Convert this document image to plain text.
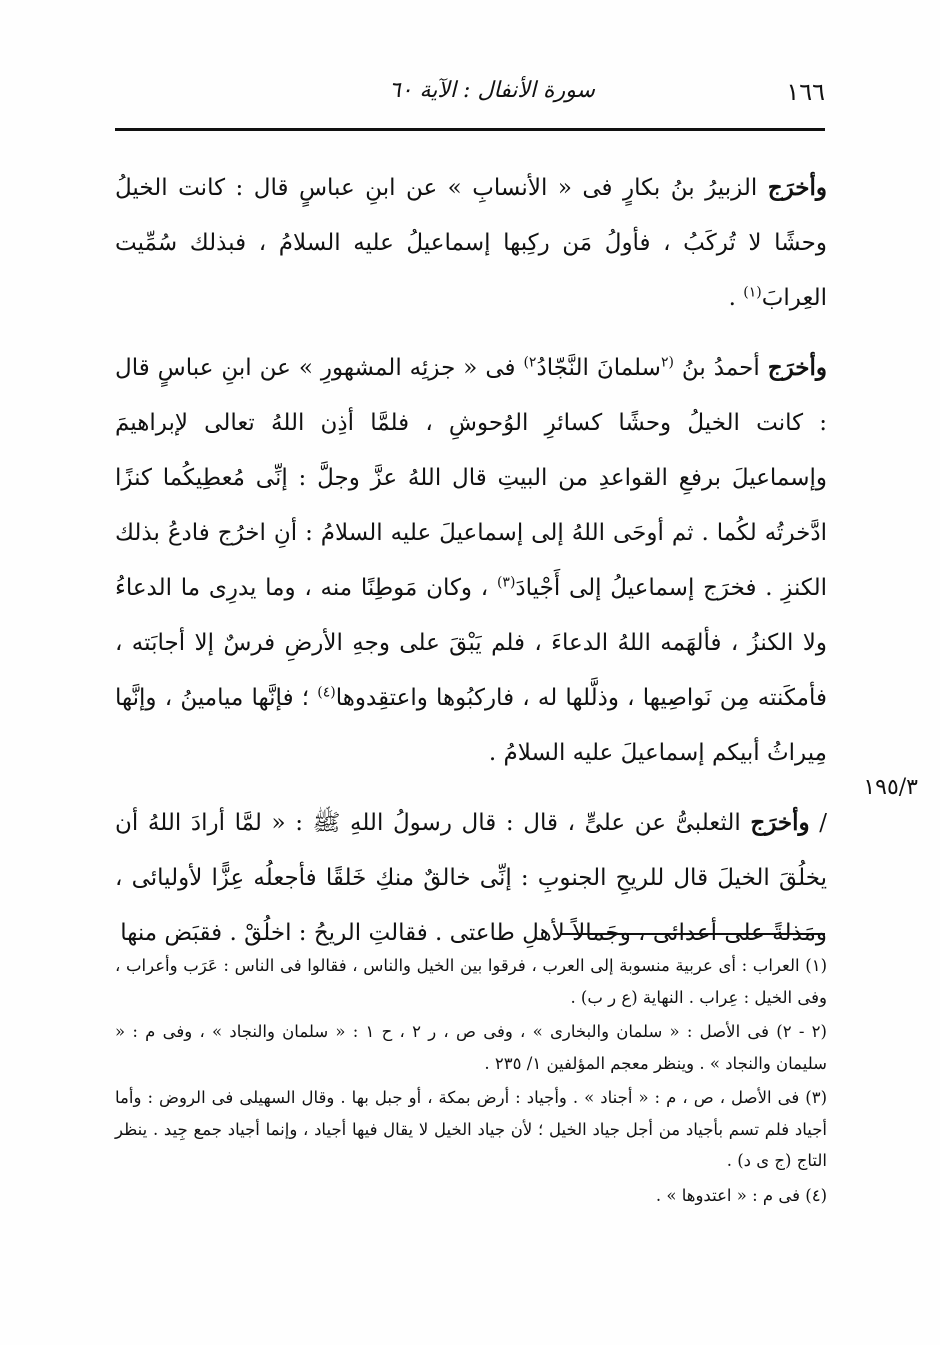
١٦٦
سورة الأنفال : الآية ٦٠
١٩٥/٣

وأخرَج الزبيرُ بنُ بكارٍ فى « الأنسابِ » عن ابنِ عباسٍ قال : كانت الخيلُ وحشًا لا تُركَبُ ، فأولُ مَن ركِبها إسماعيلُ عليه السلامُ ، فبذلك سُمِّيت العِرابَ$^{(١)}$ .

وأخرَج أحمدُ بنُ $^{(٢}$سلمانَ النَّجّادُ$^{٢)}$ فى « جزئِه المشهورِ » عن ابنِ عباسٍ قال : كانت الخيلُ وحشًا كسائرِ الوُحوشِ ، فلمَّا أذِن اللهُ تعالى لإبراهيمَ وإسماعيلَ برفعِ القواعدِ من البيتِ قال اللهُ عزَّ وجلَّ : إنِّى مُعطِيكُما كنزًا ادَّخرتُه لكُما . ثم أوحَى اللهُ إلى إسماعيلَ عليه السلامُ : أنِ اخرُج فادعُ بذلك الكنزِ . فخرَج إسماعيلُ إلى أَجْيادَ$^{(٣)}$ ، وكان مَوطِنًا منه ، وما يدرِى ما الدعاءُ ولا الكنزُ ، فألهَمه اللهُ الدعاءَ ، فلم يَبْقَ على وجهِ الأرضِ فرسٌ إلا أجابَته ، فأمكَنته مِن نَواصِيها ، وذلَّلها له ، فاركبُوها واعتقِدوها$^{(٤)}$ ؛ فإنَّها ميامينُ ، وإنَّها مِيراثُ أبيكم إسماعيلَ عليه السلامُ .

/ وأخرَج الثعلبىُّ عن علىٍّ ، قال : قال رسولُ اللهِ ﷺ : « لمَّا أرادَ اللهُ أن يخلُقَ الخيلَ قال للريحِ الجنوبِ : إنِّى خالقٌ منكِ خَلقًا فأجعلُه عِزًّا لأوليائى ، ومَذلةً على أعدائى ، وجَمالاً لأهلِ طاعتى . فقالتِ الريحُ : اخلُقْ . فقبَض منها

(١) العراب : أى عربية منسوبة إلى العرب ، فرقوا بين الخيل والناس ، فقالوا فى الناس : عَرَب وأعراب ، وفى الخيل : عِراب . النهاية (ع ر ب) .

(٢ - ٢) فى الأصل : « سلمان والبخارى » ، وفى ص ، ر ٢ ، ح ١ : « سلمان والنجاد » ، وفى م : « سليمان والنجاد » . وينظر معجم المؤلفين ١/ ٢٣٥ .

(٣) فى الأصل ، ص ، م : « أجناد » . وأجياد : أرض بمكة ، أو جبل بها . وقال السهيلى فى الروض : وأما أجياد فلم تسم بأجياد من أجل جياد الخيل ؛ لأن جياد الخيل لا يقال فيها أجياد ، وإنما أجياد جمع جِيد . ينظر التاج (ج ى د) .

(٤) فى م : « اعتدوها » .
